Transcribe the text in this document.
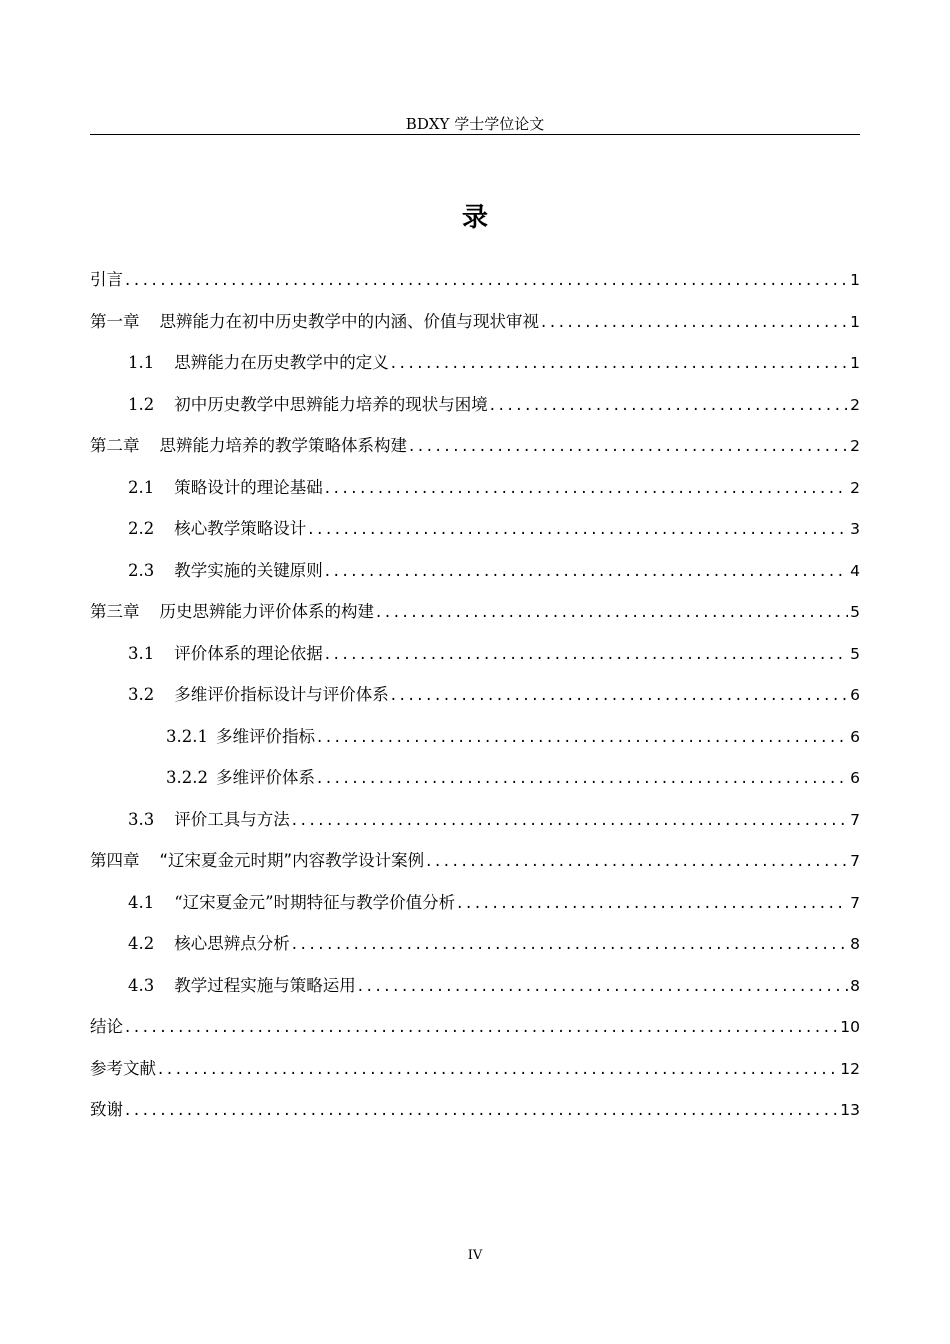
BDXY 学士学位论文
录
引言 .....	1
第一章 思辨能力在初中历史教学中的内涵、价值与现状审视 .....	1
1.1 思辨能力在历史教学中的定义 .....	1
1.2 初中历史教学中思辨能力培养的现状与困境 .....	2
第二章 思辨能力培养的教学策略体系构建 .....	2
2.1 策略设计的理论基础 .....	2
2.2 核心教学策略设计 .....	3
2.3 教学实施的关键原则 .....	4
第三章 历史思辨能力评价体系的构建 .....	5
3.1 评价体系的理论依据 .....	5
3.2 多维评价指标设计与评价体系 .....	6
3.2.1 多维评价指标 .....	6
3.2.2 多维评价体系 .....	6
3.3 评价工具与方法 .....	7
第四章 “辽宋夏金元时期”内容教学设计案例 .....	7
4.1 “辽宋夏金元”时期特征与教学价值分析 .....	7
4.2 核心思辨点分析 .....	8
4.3 教学过程实施与策略运用 .....	8
结论 .....	10
参考文献 .....	12
致谢 .....	13
IV
